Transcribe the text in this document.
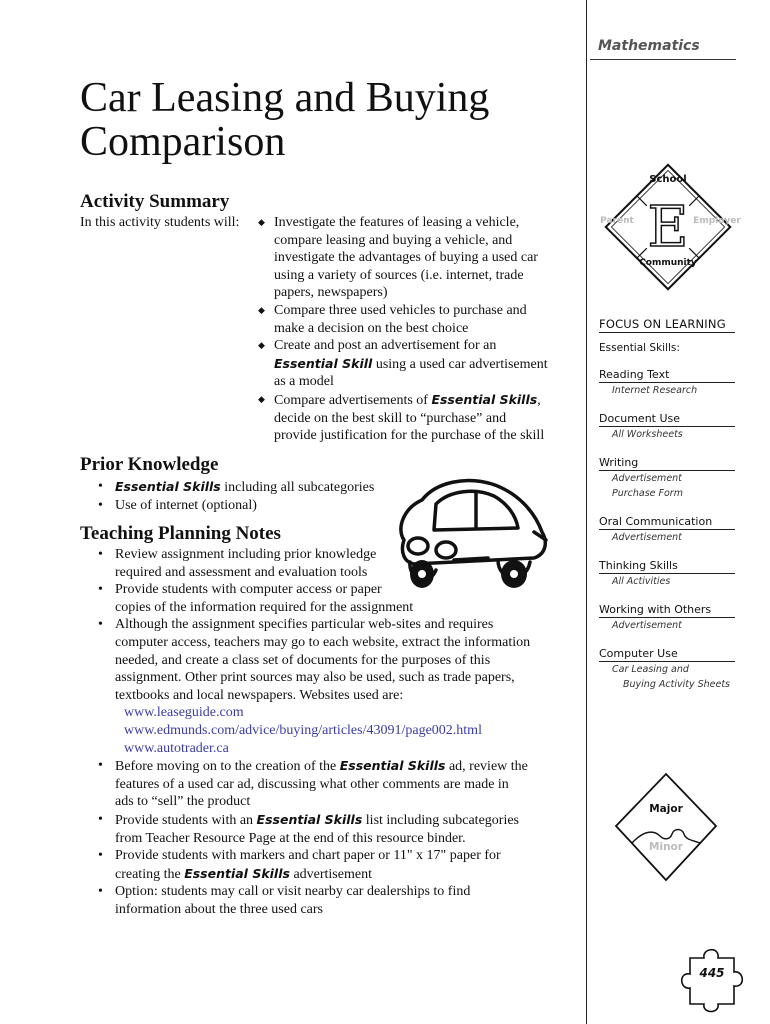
Mathematics
Car Leasing and Buying
Comparison
Activity Summary
In this activity students will:
◆	Investigate the features of leasing a vehicle,
compare leasing and buying a vehicle, and
investigate the advantages of buying a used car
using a variety of sources (i.e. internet, trade
papers, newspapers)
◆ Compare three used vehicles to purchase and
make a decision on the best choice
◆ Create and post an advertisement for an
Essential Skill using a used car advertisement
as a model
◆ Compare advertisements of Essential Skills,
decide on the best skill to “purchase” and
provide justification for the purchase of the skill
Prior Knowledge
• Essential Skills including all subcategories
• Use of internet (optional)
Teaching Planning Notes
• Review assignment including prior knowledge
required and assessment and evaluation tools
• Provide students with computer access or paper
copies of the information required for the assignment
• Although the assignment specifies particular web-sites and requires
computer access, teachers may go to each website, extract the information
needed, and create a class set of documents for the purposes of this
assignment. Other print sources may also be used, such as trade papers,
textbooks and local newspapers. Websites used are:
www.leaseguide.com
www.edmunds.com/advice/buying/articles/43091/page002.html
www.autotrader.ca
• Before moving on to the creation of the Essential Skills ad, review the
features of a used car ad, discussing what other comments are made in
ads to “sell” the product
• Provide students with an Essential Skills list including subcategories
from Teacher Resource Page at the end of this resource binder.
• Provide students with markers and chart paper or 11" x 17" paper for
creating the Essential Skills advertisement
• Option: students may call or visit nearby car dealerships to find
information about the three used cars
School
E
Parent	Employer
Community
FOCUS ON LEARNING
Essential Skills:
Reading Text
Internet Research
Document Use
All Worksheets
Writing
Advertisement
Purchase Form
Oral Communication
Advertisement
Thinking Skills
All Activities
Working with Others
Advertisement
Computer Use
Car Leasing and
Buying Activity Sheets
Major
Minor
445
